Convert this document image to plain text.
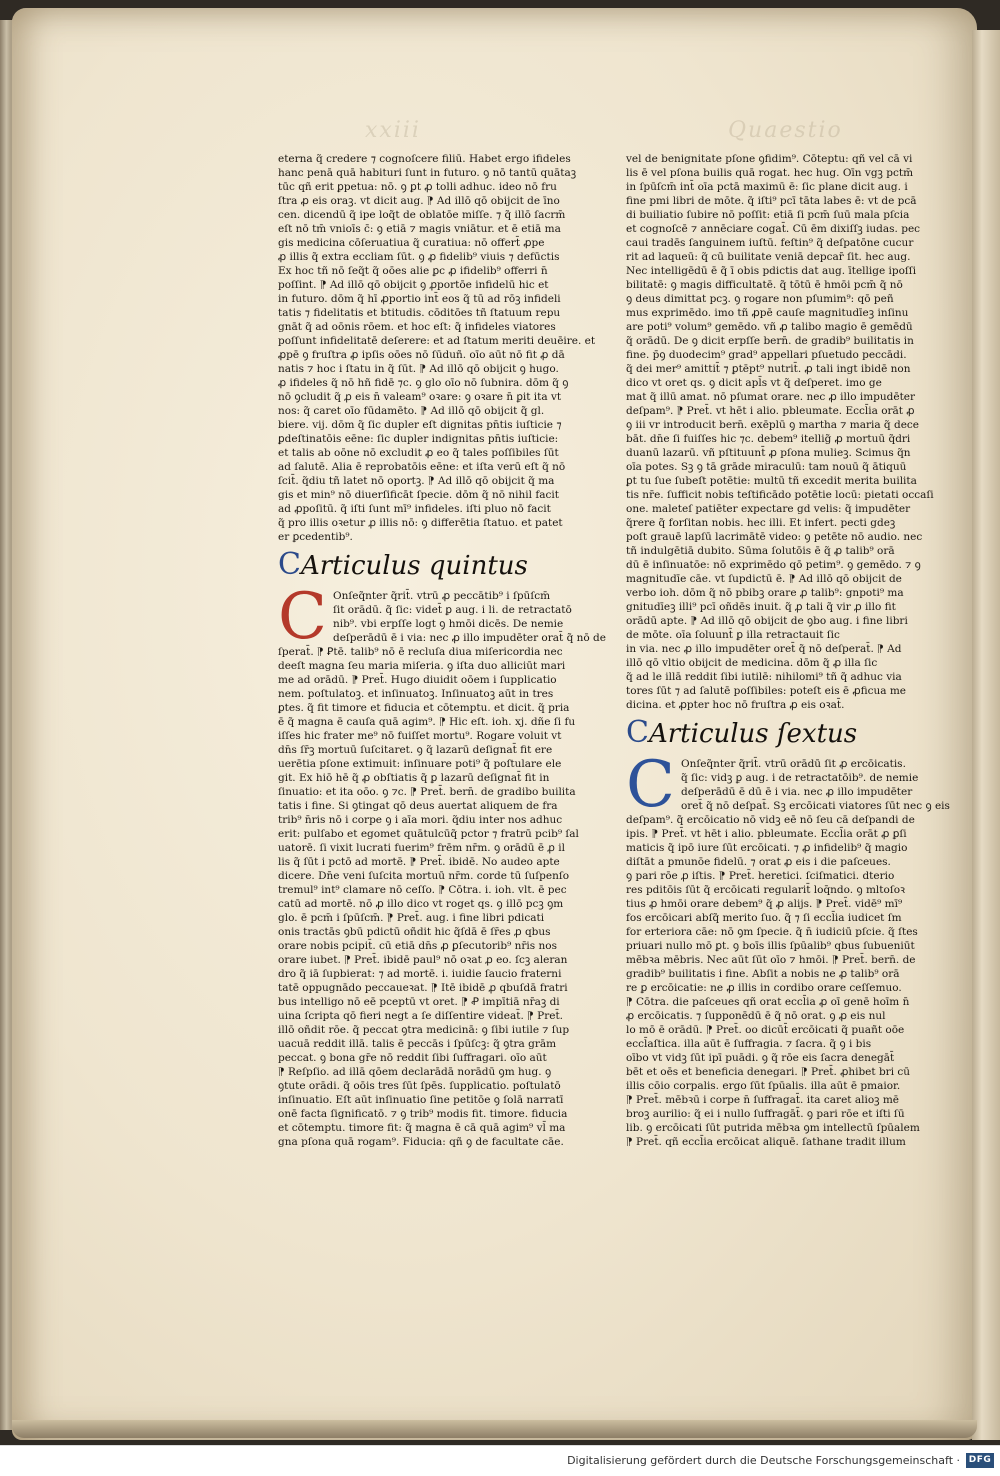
xxiii	Quaestio

eterna q̃ credere ⁊ cognoſcere filiū. Habet ergo ifideles

hanc penā quā habituri ſunt in futuro. ꝯ nō tantū quātaꝫ

tūc qñ erit ꝑpetua: nō. ꝯ ꝑt ꝓ tolli adhuc. ideo nō fru

ſtra ꝓ eis oraꝫ. vt dicit aug. ⁋ Ad illō qō obijcit de īno

cen. dicendū q̃ ipe loq̃t de oblatōe miſſe. ⁊ q̃ illō ſacrm̄

eſt nō tm̄ vnioīs c̄: ꝯ etiā ⁊ magis vniātur. et ē etiā ma

gis medicina cōſeruatiua q̃ curatiua: nō offert̄ ꝓpe

ꝓ illis q̃ extra eccliam ſūt. ꝯ ꝓ fidelib⁹ viuis ⁊ defūctis

Ex hoc tñ nō ſeq̃t q̃ oōes alie ꝑc ꝓ ifidelib⁹ offerri n̄

poſſint. ⁋ Ad illō qō obijcit ꝯ ꝓportōe infidelū hic et

in futuro. dōm q̃ hī ꝓportio int̄ eos q̃ tū ad rōꝫ infideli

tatis ⁊ fidelitatis et btitudis. cōditōes tñ ſtatuum repu

gnāt q̃ ad oōnis rōem. et hoc eſt: q̃ infideles viatores

poſſunt infidelitatē deſerere: et ad ſtatum meriti deuēire. et

ꝓpē ꝯ fruſtra ꝓ ipſis oōes nō ſūduñ. oīo aūt nō fit ꝓ dā

natis ⁊ hoc i ſtatu in q̃ ſūt. ⁋ Ad illō qō obijcit ꝯ hugo.

ꝓ ifideles q̃ nō hñ fidē ⁊c. ꝯ glo oīo nō ſubnira. dōm q̃ ꝯ

nō ꝯcludit q̃ ꝓ eis n̄ valeam⁹ oꝛare: ꝯ oꝛare n̄ ꝑit ita vt

nos: q̃ caret oīo fūdamēto. ⁋ Ad illō qō obijcit q̃ gl.

biere. vij. dōm q̃ ſic dupler eſt dignitas pn̄tis iuſticie ⁊

ꝑdeſtinatōis eēne: ſic dupler indignitas pn̄tis iuſticie:

et talis ab oōne nō excludit ꝓ eo q̃ tales poſſibiles ſūt

ad ſalutē. Alia ē reprobatōis eēne: et iſta verū eſt q̃ nō

ſcit̄. q̃diu tñ latet nō oportꝫ. ⁋ Ad illō qō obijcit q̃ ma

gis et min⁹ nō diuerſificāt ſpecie. dōm q̃ nō nihil facit

ad ꝓpoſitū. q̃ iſti ſunt mī⁹ infideles. iſti pluo nō facit

q̃ pro illis oꝛetur ꝓ illis nō: ꝯ differētia ſtatuo. et patet

er ꝑcedentib⁹.

CArticulus quintus
C Onſeq̃nter q̃rit̄. vtrū ꝓ peccātib⁹ i ſpūſcm̄

ſit orādū. q̃ ſic: videt̄ ꝑ aug. i li. de retractatō

nib⁹. vbi erpſſe logt ꝯ hmōi dicēs. De nemie

deſperādū ē i via: nec ꝓ illo impudēter orat̄ q̃ nō de

ſperat̄. ⁋ Ꝑtē. talib⁹ nō ē recluſa diua miſericordia nec

deeſt magna ſeu maria miſeria. ꝯ iſta duo alliciūt mari

me ad orādū. ⁋ Pret̄. Hugo diuidit oōem i ſupplicatio

nem. poſtulatoꝫ. et inſinuatoꝫ. Inſinuatoꝫ aūt in tres

ꝑtes. q̃ fit timore et fiducia et cōtemptu. et dicit. q̃ pria

ē q̃ magna ē cauſa quā agim⁹. ⁋ Hic eſt. ioh. xj. dñe ſi fu

iſſes hic frater me⁹ nō fuiſſet mortu⁹. Rogare voluit vt

dn̄s ſr̄ꝫ mortuū ſuſcitaret. ꝯ q̃ lazarū deſignat̄ fit ere

uerētia pſone extimuit: inſinuare poti⁹ q̃ poſtulare ele

git. Ex hiō hē q̃ ꝓ obſtiatis q̃ ꝑ lazarū deſignat̄ fit in

ſinuatio: et ita oōo. ꝯ ⁊c. ⁋ Pret̄. bern̄. de gradibo builita

tatis i fine. Si ꝯtingat qō deus auertat aliquem de fra

trib⁹ n̄ris nō i corpe ꝯ i aīa mori. q̃diu inter nos adhuc

erit: pulſabo et egomet quātulcūq̃ pctor ⁊ fratrū pcib⁹ ſal

uatorē. ſi vixit lucrati fuerim⁹ frēm nr̄m. ꝯ orādū ē ꝓ il

lis q̃ ſūt i pctō ad mortē. ⁋ Pret̄. ibidē. No audeo apte

dicere. Dn̄e veni ſuſcita mortuū nr̄m. corde tū ſuſpenſo

tremul⁹ int⁹ clamare nō ceſſo. ⁋ Cōtra. i. ioh. vlt. ē pec

catū ad mortē. nō ꝓ illo dico vt roget qs. ꝯ illō pcꝫ ꝯm

glo. ē pcm̄ i ſpūſcm̄. ⁋ Pret̄. aug. i fine libri pdicati

onis tractās ꝯbū pdictū oñdit hic q̃ſdā ē ſr̄es ꝓ qbus

orare nobis pcipit̄. cū etiā dn̄s ꝓ ꝑſecutorib⁹ nr̄is nos

orare iubet. ⁋ Pret̄. ibidē paul⁹ nō oꝛat ꝓ eo. ſcꝫ aleran

dro q̃ iā ſupbierat: ⁊ ad mortē. i. iuidie ſaucio fraterni

tatē oppugnādo peccaueꝛat. ⁋ Itē ibidē ꝓ qbuſdā fratri

bus intelligo nō eē pceptū vt oret. ⁋ Ꝓ impītiā nr̄aꝫ di

uina ſcripta qō fieri negt a ſe diſſentire videat̄. ⁋ Pret̄.

illō oñdit rōe. q̃ peccat ꝯtra medicinā: ꝯ ſibi iutile ⁊ ſup

uacuā reddit illā. talis ē peccās i ſpūſcꝫ: q̃ ꝯtra grām

peccat. ꝯ bona gr̄e nō reddit ſibi ſuffragari. oīo aūt

⁋ Reſpſio. ad illā qōem declarādā norādū ꝯm hug. ꝯ

ꝯtute orādi. q̃ oōis tres ſūt ſpēs. ſupplicatio. poſtulatō

inſinuatio. Eſt aūt inſinuatio ſine petitōe ꝯ ſolā narratī

onē facta ſignificatō. ⁊ ꝯ trib⁹ modis fit. timore. fiducia

et cōtemptu. timore fit: q̃ magna ē cā quā agim⁹ vl̄ ma

gna pſona quā rogam⁹. Fiducia: qñ ꝯ de facultate cāe.

vel de benignitate pſone ꝯfidim⁹. Cōteptu: qñ vel cā vi

lis ē vel pſona builis quā rogat. hec hug. Oīn vgꝫ pctm̄

in ſpūſcm̄ int̄ oīa pctā maximū ē: ſic plane dicit aug. i

fine pmi libri de mōte. q̃ iſti⁹ pcī tāta labes ē: vt de pcā

di builiatio ſubire nō poſſit: etiā ſi pcm̄ ſuū mala pſcia

et cognoſcē ⁊ annēciare cogat̄. Cū ēm dixiſſꝫ iudas. pec

caui tradēs ſanguinem iuſtū. feſtin⁹ q̃ deſpatōne cucur

rit ad laqueū: q̃ cū builitate veniā depcar̄ ſit. hec aug.

Nec intelligēdū ē q̃ ī obis pdictis dat aug. ītellige ipoſſi

bilitatē: ꝯ magis difficultatē. q̃ tōtū ē hmōi pcm̄ q̃ nō

ꝯ deus dimittat pcꝫ. ꝯ rogare non pſumim⁹: qō peñ

mus exprimēdo. imo tñ ꝓpē cauſe magnitudīeꝫ inſinu

are poti⁹ volum⁹ gemēdo. vñ ꝓ talibo magio ē gemēdū

q̃ orādū. De ꝯ dicit erpſſe bern̄. de gradib⁹ builitatis in

fine. p̄ꝯ duodecim⁹ grad⁹ appellari pſuetudo peccādi.

q̃ dei mer⁹ amittit̄ ⁊ ꝑtēpt⁹ nutrit̄. ꝓ tali ingt ibidē non

dico vt oret qs. ꝯ dicit apl̄s vt q̃ deſperet. imo ge

mat q̃ illū amat. nō pſumat orare. nec ꝓ illo impudēter

deſpam⁹. ⁋ Pret̄. vt hēt i alio. pbleumate. Eccl̄ia orāt ꝓ

ꝯ iii vr introducit bern̄. exēplū ꝯ martha ⁊ maria q̃ dece

bāt. dn̄e ſi fuiſſes hic ⁊c. debem⁹ itellig̃ ꝓ mortuū q̃dri

duanū lazarū. vñ pſtituunt̄ ꝓ pſona mulieꝫ. Scimus q̃n

oīa potes. Sꝫ ꝯ tā grāde miraculū: tam nouū q̃ ātiquū

ꝑt tu ſue ſubeſt potētie: multū tñ excedit merita builita

tis nr̄e. ſufficit nobis teſtificādo potētie locū: pietati occaſi

one. maleteſ patiēter expectare gd velis: q̃ impudēter

q̃rere q̃ forſitan nobis. hec illi. Et infert. pecti gdeꝫ

poſt grauē lapſū lacrimātē video: ꝯ petēte nō audio. nec

tñ indulgētiā dubito. Sūma ſolutōis ē q̃ ꝓ talib⁹ orā

dū ē inſinuatōe: nō exprimēdo qō petim⁹. ꝯ gemēdo. ⁊ ꝯ

magnitudīe cāe. vt ſupdictū ē. ⁋ Ad illō qō obijcit de

verbo ioh. dōm q̃ nō pbibꝫ orare ꝓ talib⁹: gnpoti⁹ ma

gnitudīeꝫ illi⁹ pcī oñdēs inuit. q̃ ꝓ tali q̃ vir ꝓ illo fit

orādū apte. ⁋ Ad illō qō obijcit de ꝯbo aug. i fine libri

de mōte. oīa ſoluunt̄ ꝑ illa retractauit ſic

in via. nec ꝓ illo impudēter oret̄ q̃ nō deſperat̄. ⁋ Ad

illō qō vltio obijcit de medicina. dōm q̃ ꝓ illa ſic

q̃ ad le illā reddit ſibi iutilē: nihilomi⁹ tñ q̃ adhuc via

tores ſūt ⁊ ad ſalutē poſſibiles: poteſt eis ē ꝓficua me

dicina. et ꝓpter hoc nō fruſtra ꝓ eis oꝛat̄.

CArticulus ſextus
C Onſeq̃nter q̃rit̄. vtrū orādū ſit ꝓ ercōicatis.

q̃ ſic: vidꝫ ꝑ aug. i de retractatōib⁹. de nemie

deſperādū ē dū ē i via. nec ꝓ illo impudēter

oret̄ q̃ nō deſpat̄. Sꝫ ercōicati viatores ſūt nec ꝯ eis

deſpam⁹. q̃ ercōicatio nō vidꝫ eē nō ſeu cā deſpandi de

ipis. ⁋ Pret̄. vt hēt i alio. pbleumate. Eccl̄ia orāt ꝓ ꝑſi

maticis q̃ ipō iure ſūt ercōicati. ⁊ ꝓ infidelib⁹ q̃ magio

diſtāt a pmunōe fidelū. ⁊ orat ꝓ eis i die paſceues.

ꝯ pari rōe ꝓ iſtis. ⁋ Pret̄. heretici. ſciſmatici. dterio

res pditōis ſūt q̃ ercōicati regularit̄ loq̄ndo. ꝯ mltoſoꝛ

tius ꝓ hmōi orare debem⁹ q̃ ꝓ alijs. ⁋ Pret̄. vidē⁹ mī⁹

fos ercōicari abſq̃ merito ſuo. q̃ ⁊ ſi eccl̄ia iudicet ſm

for erteriora cāe: nō ꝯm ſpecie. q̃ n̄ iudiciū pſcie. q̃ ſtes

priuari nullo mō ꝑt. ꝯ boīs illis ſpūalib⁹ qbus ſubueniūt

mēbꝛa mēbris. Nec aūt ſūt oīo ⁊ hmōi. ⁋ Pret̄. bern̄. de

gradib⁹ builitatis i fine. Abſit a nobis ne ꝓ talib⁹ orā

re ꝑ ercōicatie: ne ꝓ illis in cordibo orare ceſſemuo.

⁋ Cōtra. die paſceues qñ orat eccl̄ia ꝓ oī genē hoīm n̄

ꝓ ercōicatis. ⁊ ſupponēdū ē q̃ nō orat. ꝯ ꝓ eis nul

lo mō ē orādū. ⁋ Pret̄. oo dicūt̄ ercōicati q̃ puañt oōe

eccl̄aſtica. illa aūt ē ſuffragia. ⁊ ſacra. q̃ ꝯ i bis

oībo vt vidꝫ ſūt ipī puādi. ꝯ q̃ rōe eis ſacra denegāt̄

bēt et oēs et beneficia denegari. ⁋ Pret̄. ꝓhibet bri cū

illis cōio corpalis. ergo ſūt ſpūalis. illa aūt ē pmaior.

⁋ Pret̄. mēbꝛū i corpe n̄ ſuffragat̄. ita caret alioꝫ mē

broꝫ aurilio: q̃ ei i nullo ſuffragāt̄. ꝯ pari rōe et iſti ſū

lib. ꝯ ercōicati ſūt putrida mēbꝛa ꝯm intellectū ſpūalem

⁋ Pret̄. qñ eccl̄ia ercōicat aliquē. ſathane tradit illum

Digitalisierung gefördert durch die Deutsche Forschungsgemeinschaft · DFG
